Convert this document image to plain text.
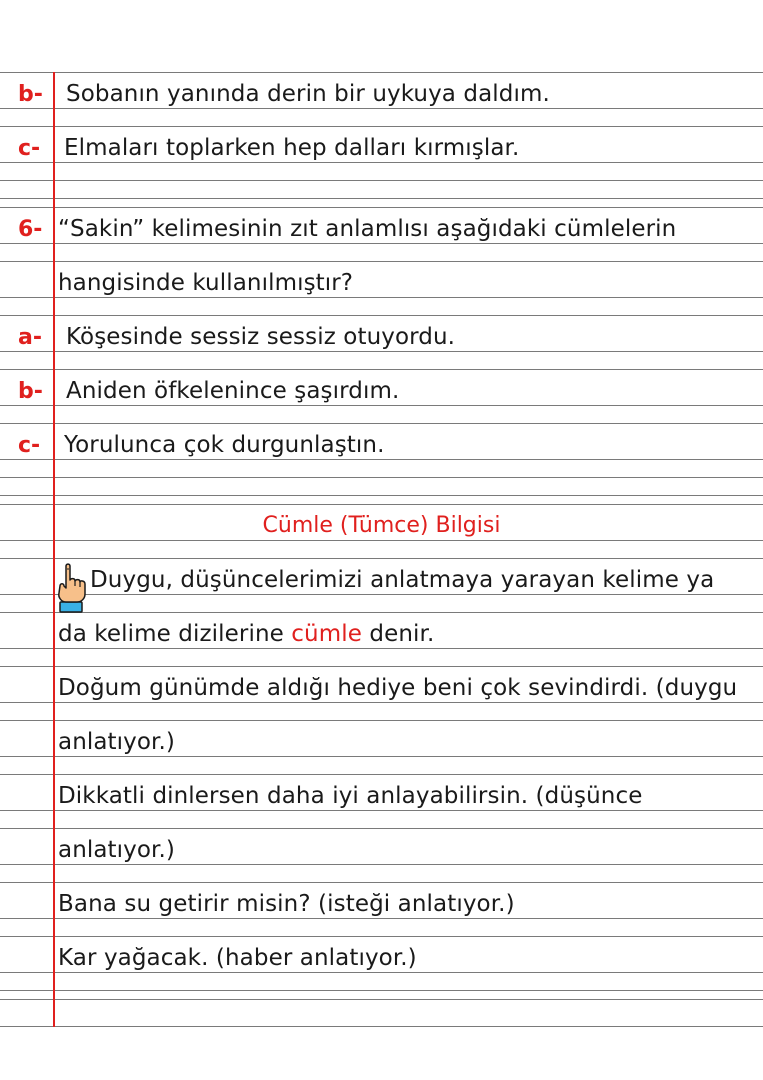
b- Sobanın yanında derin bir uykuya daldım.
c- Elmaları toplarken hep dalları kırmışlar.
6- “Sakin” kelimesinin zıt anlamlısı aşağıdaki cümlelerin
hangisinde kullanılmıştır?
a- Köşesinde sessiz sessiz otuyordu.
b- Aniden öfkelenince şaşırdım.
c- Yorulunca çok durgunlaştın.
Cümle (Tümce) Bilgisi
Duygu, düşüncelerimizi anlatmaya yarayan kelime ya
da kelime dizilerine cümle denir.
Doğum günümde aldığı hediye beni çok sevindirdi. (duygu
anlatıyor.)
Dikkatli dinlersen daha iyi anlayabilirsin. (düşünce
anlatıyor.)
Bana su getirir misin? (isteği anlatıyor.)
Kar yağacak. (haber anlatıyor.)
